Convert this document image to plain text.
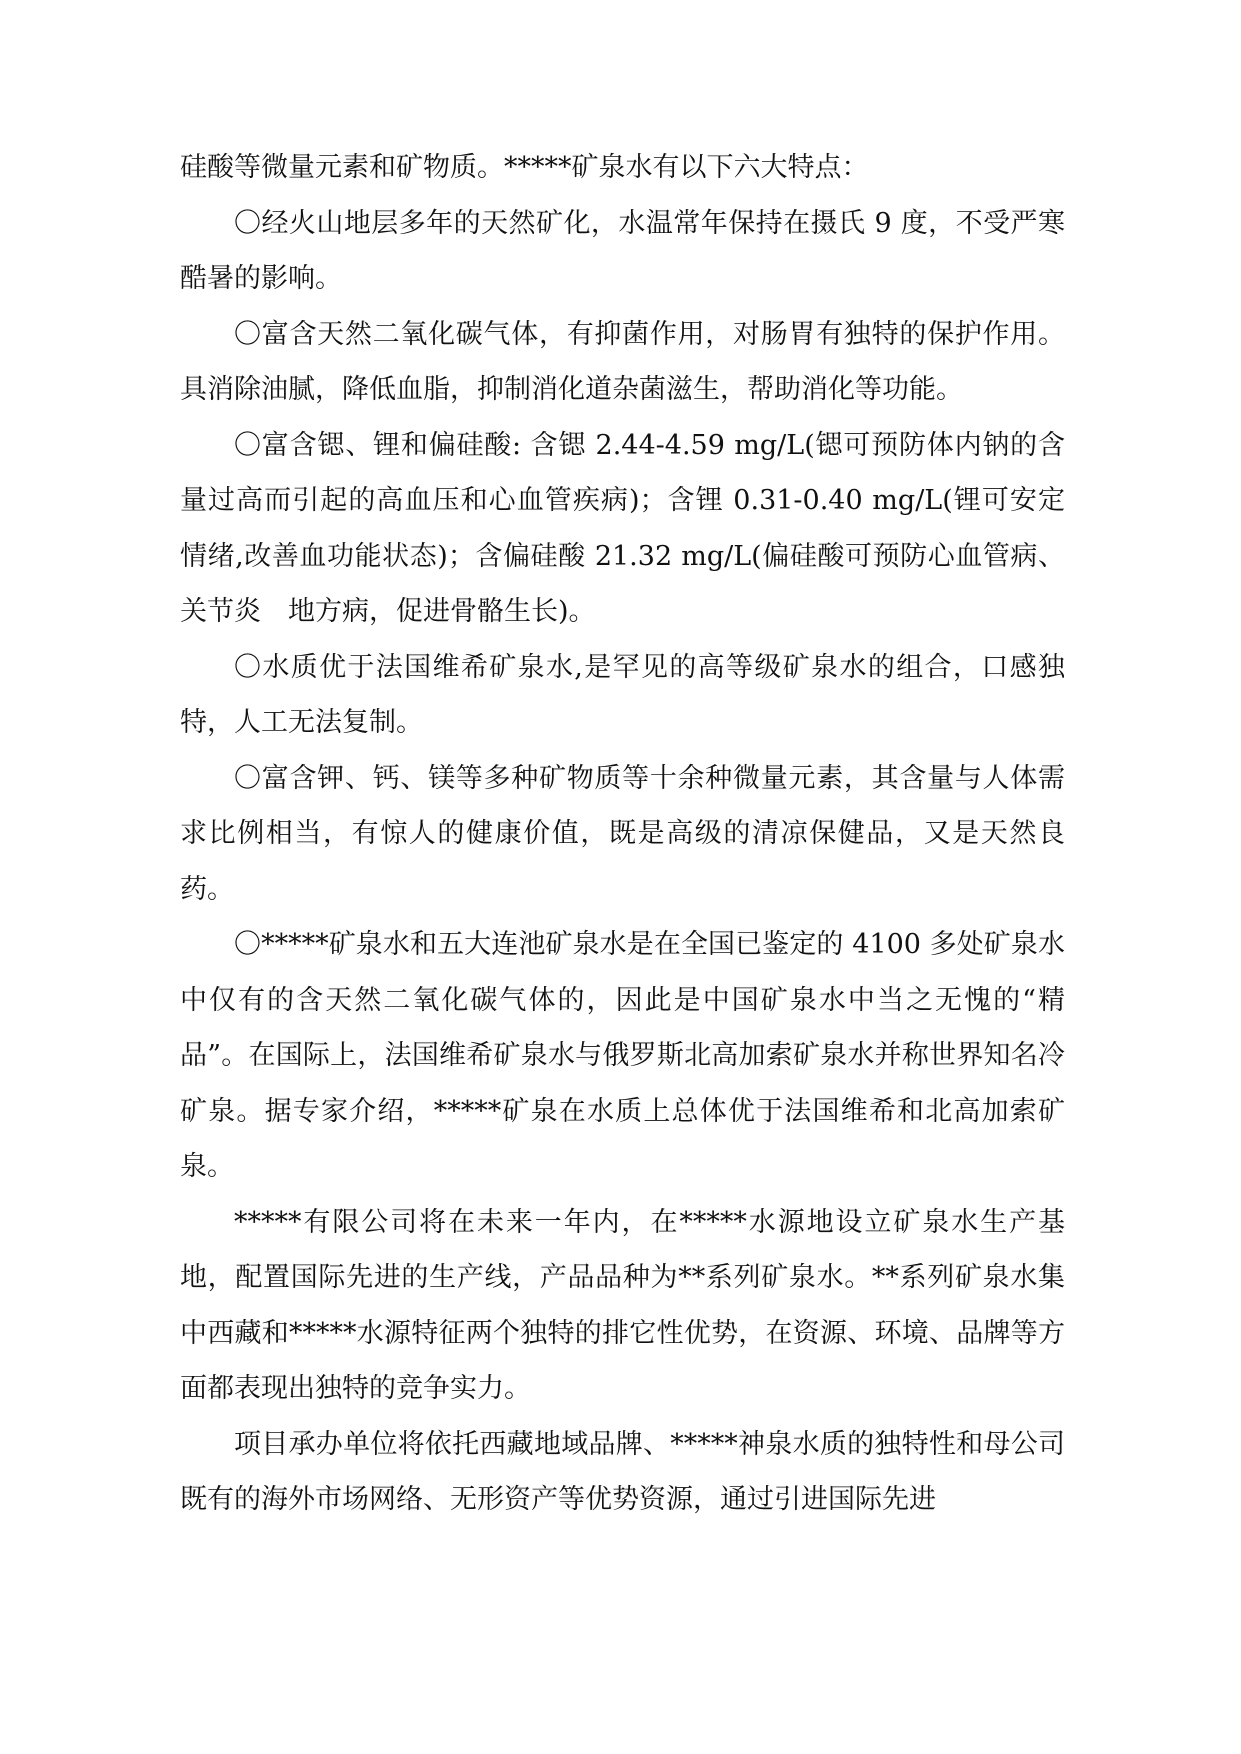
硅酸等微量元素和矿物质。*****矿泉水有以下六大特点：

〇经火山地层多年的天然矿化，水温常年保持在摄氏 9 度，不受严寒酷暑的影响。

〇富含天然二氧化碳气体，有抑菌作用，对肠胃有独特的保护作用。具消除油腻，降低血脂，抑制消化道杂菌滋生，帮助消化等功能。

〇富含锶、锂和偏硅酸: 含锶 2.44-4.59 mg/L(锶可预防体内钠的含量过高而引起的高血压和心血管疾病)；含锂 0.31-0.40 mg/L(锂可安定情绪,改善血功能状态)；含偏硅酸 21.32 mg/L(偏硅酸可预防心血管病、关节炎　地方病，促进骨骼生长)。

〇水质优于法国维希矿泉水,是罕见的高等级矿泉水的组合，口感独特，人工无法复制。

〇富含钾、钙、镁等多种矿物质等十余种微量元素，其含量与人体需求比例相当，有惊人的健康价值，既是高级的清凉保健品，又是天然良药。

〇*****矿泉水和五大连池矿泉水是在全国已鉴定的 4100 多处矿泉水中仅有的含天然二氧化碳气体的，因此是中国矿泉水中当之无愧的“精品”。在国际上，法国维希矿泉水与俄罗斯北高加索矿泉水并称世界知名冷矿泉。据专家介绍，*****矿泉在水质上总体优于法国维希和北高加索矿泉。

*****有限公司将在未来一年内，在*****水源地设立矿泉水生产基地，配置国际先进的生产线，产品品种为**系列矿泉水。**系列矿泉水集中西藏和*****水源特征两个独特的排它性优势，在资源、环境、品牌等方面都表现出独特的竞争实力。

项目承办单位将依托西藏地域品牌、*****神泉水质的独特性和母公司既有的海外市场网络、无形资产等优势资源，通过引进国际先进
